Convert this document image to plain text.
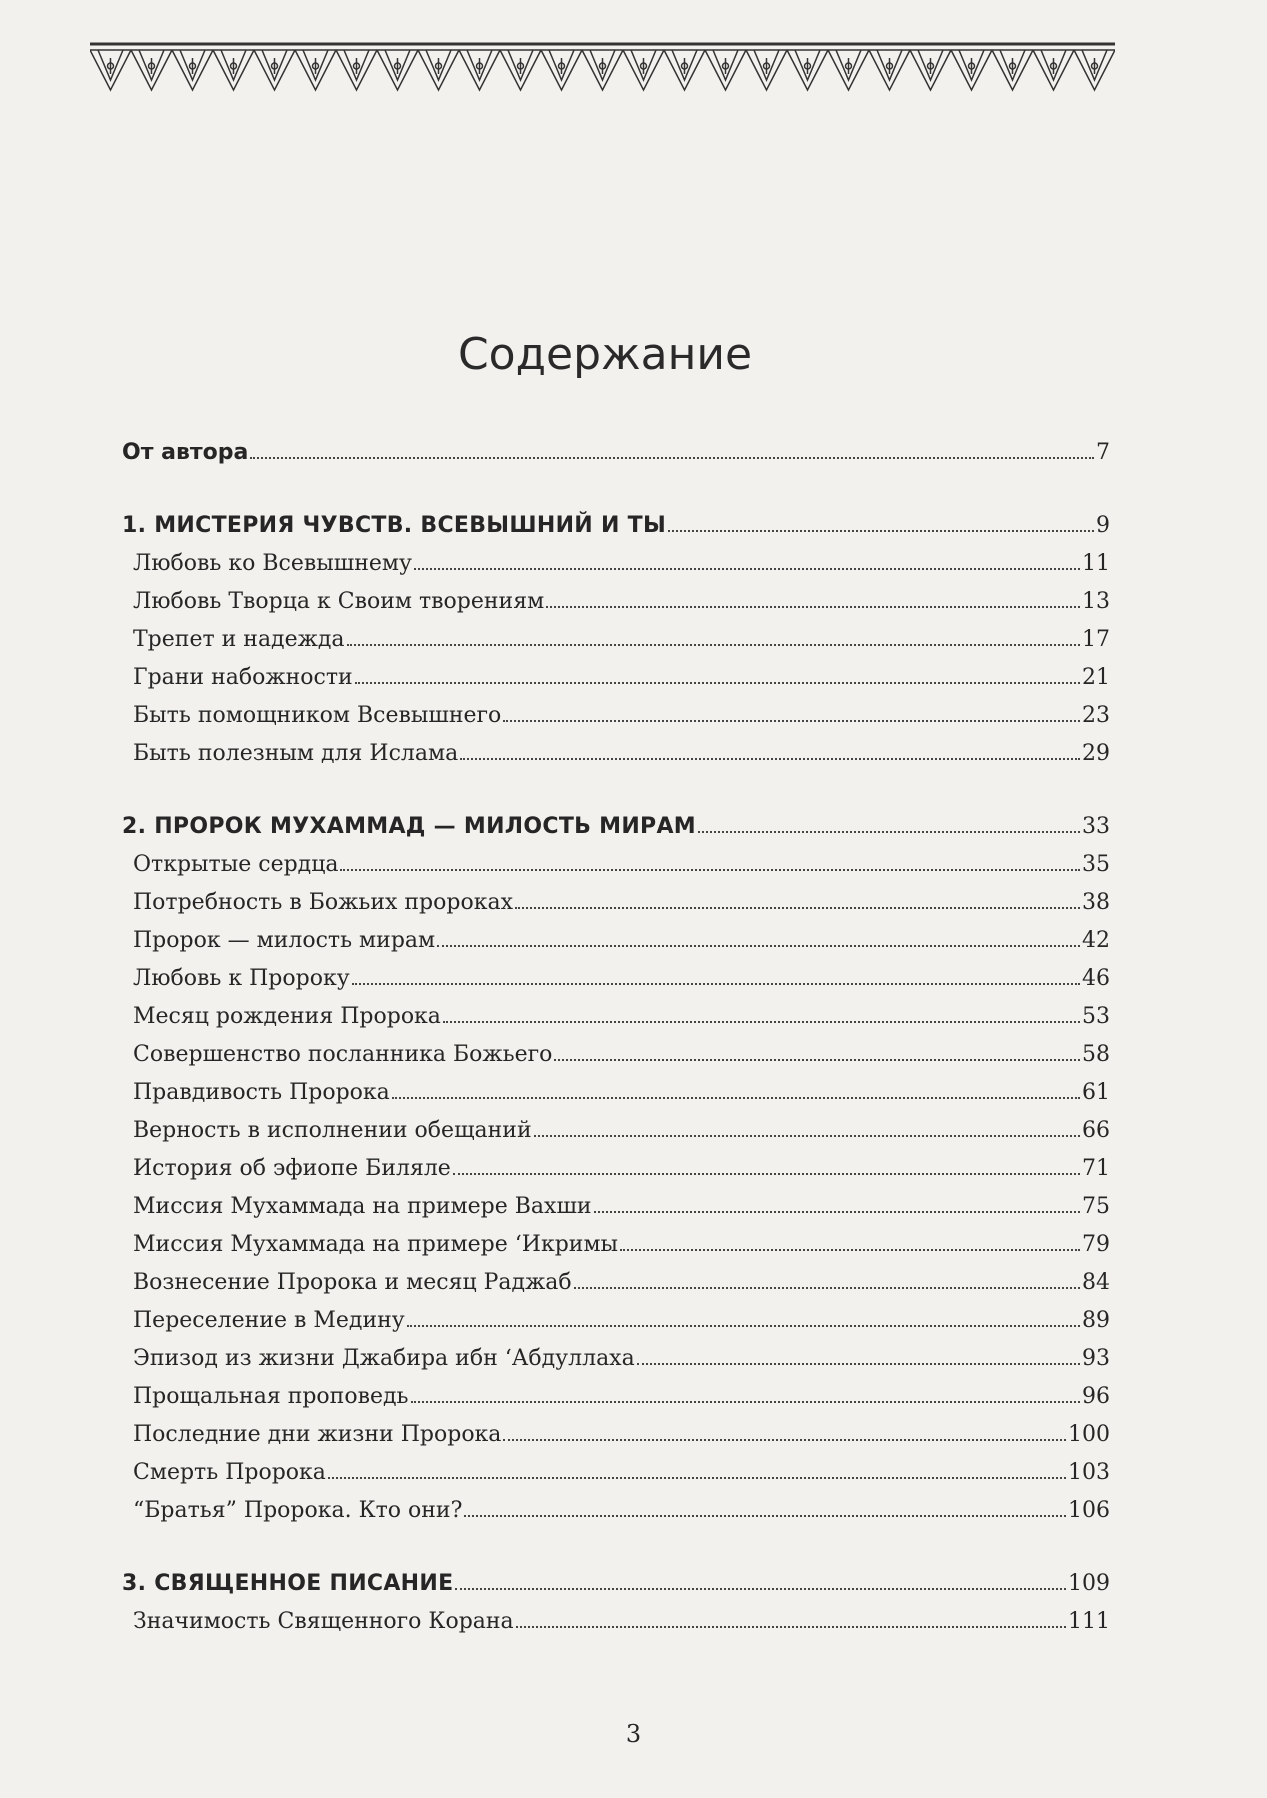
Содержание
От автора	7
1. МИСТЕРИЯ ЧУВСТВ. ВСЕВЫШНИЙ И ТЫ	9
Любовь ко Всевышнему	11
Любовь Творца к Своим творениям	13
Трепет и надежда	17
Грани набожности	21
Быть помощником Всевышнего	23
Быть полезным для Ислама	29
2. ПРОРОК МУХАММАД — МИЛОСТЬ МИРАМ	33
Открытые сердца	35
Потребность в Божьих пророках	38
Пророк — милость мирам	42
Любовь к Пророку	46
Месяц рождения Пророка	53
Совершенство посланника Божьего	58
Правдивость Пророка	61
Верность в исполнении обещаний	66
История об эфиопе Биляле	71
Миссия Мухаммада на примере Вахши	75
Миссия Мухаммада на примере ‘Икримы	79
Вознесение Пророка и месяц Раджаб	84
Переселение в Медину	89
Эпизод из жизни Джабира ибн ‘Абдуллаха	93
Прощальная проповедь	96
Последние дни жизни Пророка	100
Смерть Пророка	103
“Братья” Пророка. Кто они?	106
3. СВЯЩЕННОЕ ПИСАНИЕ	109
Значимость Священного Корана	111
3
